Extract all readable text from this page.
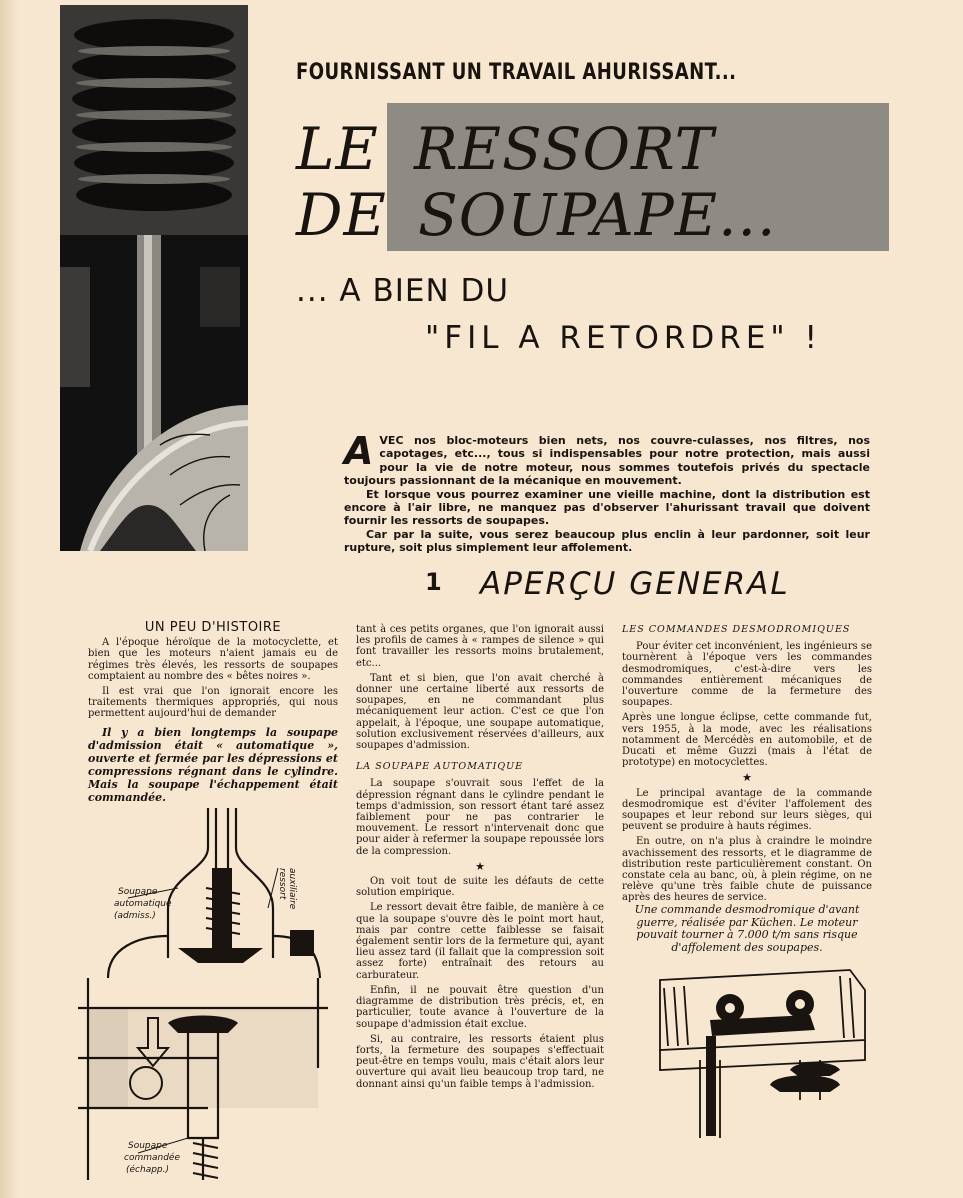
FOURNISSANT UN TRAVAIL AHURISSANT...
LE RESSORT
DE SOUPAPE...
... A BIEN DU
"FIL A RETORDRE" !

AVEC nos bloc-moteurs bien nets, nos couvre-culasses, nos filtres, nos capotages, etc..., tous si indispensables pour notre protection, mais aussi pour la vie de notre moteur, nous sommes toutefois privés du spectacle toujours passionnant de la mécanique en mouvement.

Et lorsque vous pourrez examiner une vieille machine, dont la distribution est encore à l'air libre, ne manquez pas d'observer l'ahurissant travail que doivent fournir les ressorts de soupapes.

Car par la suite, vous serez beaucoup plus enclin à leur pardonner, soit leur rupture, soit plus simplement leur affolement.

1 APERÇU GENERAL

UN PEU D'HISTOIRE

A l'époque héroïque de la motocyclette, et bien que les moteurs n'aient jamais eu de régimes très élevés, les ressorts de soupapes comptaient au nombre des « bêtes noires ».

Il est vrai que l'on ignorait encore les traitements thermiques appropriés, qui nous permettent aujourd'hui de demander

Il y a bien longtemps la soupape d'admission était « automatique », ouverte et fermée par les dépressions et compressions régnant dans le cylindre. Mais la soupape l'échappement était commandée.

Soupape
automatique
(admiss.)
ressort auxiliaire
Soupape
commandée
(échapp.)

tant à ces petits organes, que l'on ignorait aussi les profils de cames à « rampes de silence » qui font travailler les ressorts moins brutalement, etc...

Tant et si bien, que l'on avait cherché à donner une certaine liberté aux ressorts de soupapes, en ne commandant plus mécaniquement leur action. C'est ce que l'on appelait, à l'époque, une soupape automatique, solution exclusivement réservées d'ailleurs, aux soupapes d'admission.

LA SOUPAPE AUTOMATIQUE

La soupape s'ouvrait sous l'effet de la dépression régnant dans le cylindre pendant le temps d'admission, son ressort étant taré assez faiblement pour ne pas contrarier le mouvement. Le ressort n'intervenait donc que pour aider à refermer la soupape repoussée lors de la compression.

★

On voit tout de suite les défauts de cette solution empirique.

Le ressort devait être faible, de manière à ce que la soupape s'ouvre dès le point mort haut, mais par contre cette faiblesse se faisait également sentir lors de la fermeture qui, ayant lieu assez tard (il fallait que la compression soit assez forte) entraînait des retours au carburateur.

Enfin, il ne pouvait être question d'un diagramme de distribution très précis, et, en particulier, toute avance à l'ouverture de la soupape d'admission était exclue.

Si, au contraire, les ressorts étaient plus forts, la fermeture des soupapes s'effectuait peut-être en temps voulu, mais c'était alors leur ouverture qui avait lieu beaucoup trop tard, ne donnant ainsi qu'un faible temps à l'admission.

LES COMMANDES DESMODROMIQUES

Pour éviter cet inconvénient, les ingénieurs se tournèrent à l'époque vers les commandes desmodromiques, c'est-à-dire vers les commandes entièrement mécaniques de l'ouverture comme de la fermeture des soupapes.

Après une longue éclipse, cette commande fut, vers 1955, à la mode, avec les réalisations notamment de Mercédès en automobile, et de Ducati et même Guzzi (mais à l'état de prototype) en motocyclettes.

★

Le principal avantage de la commande desmodromique est d'éviter l'affolement des soupapes et leur rebond sur leurs sièges, qui peuvent se produire à hauts régimes.

En outre, on n'a plus à craindre le moindre avachissement des ressorts, et le diagramme de distribution reste particulièrement constant. On constate cela au banc, où, à plein régime, on ne relève qu'une très faible chute de puissance après des heures de service.

Une commande desmodromique d'avant guerre, réalisée par Küchen. Le moteur pouvait tourner à 7.000 t/m sans risque d'affolement des soupapes.
